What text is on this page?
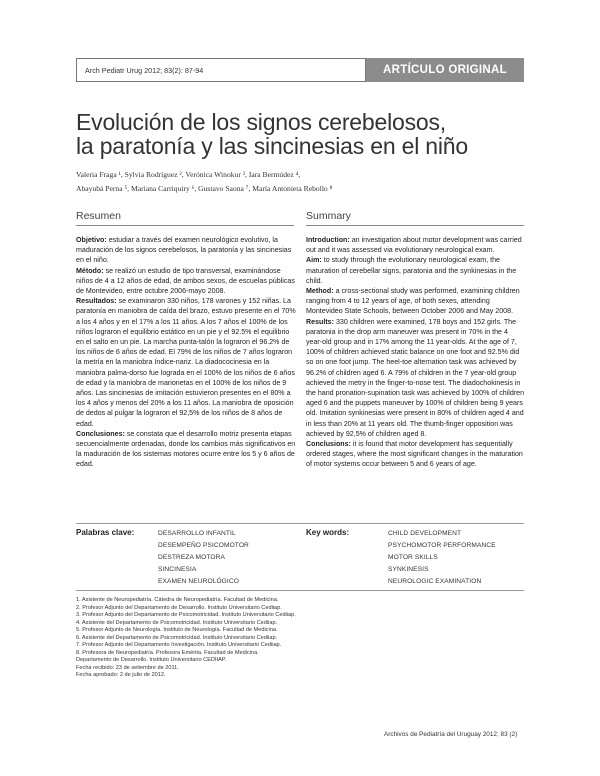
Arch Pediatr Urug 2012; 83(2): 87-94	ARTÍCULO ORIGINAL
Evolución de los signos cerebelosos,
la paratonía y las sincinesias en el niño
Valeria Fraga ¹, Sylvia Rodríguez ², Verónica Winokur ³, Iara Bermúdez ⁴,
Abayubá Perna ⁵, Mariana Carriquiry ⁶, Gustavo Saona ⁷, María Antonieta Rebollo ⁸
Resumen	Summary

Objetivo: estudiar a través del examen neurológico evolutivo, la maduración de los signos cerebelosos, la paratonía y las sincinesias en el niño.

Método: se realizó un estudio de tipo transversal, examinándose niños de 4 a 12 años de edad, de ambos sexos, de escuelas públicas de Montevideo, entre octubre 2006-mayo 2008.

Resultados: se examinaron 330 niños, 178 varones y 152 niñas. La paratonía en maniobra de caída del brazo, estuvo presente en el 70% a los 4 años y en el 17% a los 11 años. A los 7 años el 100% de los niños lograron el equilibrio estático en un pie y el 92.5% el equilibrio en el salto en un pie. La marcha punta-talón la lograron el 96.2% de los niños de 6 años de edad. El 79% de los niños de 7 años lograron la metría en la maniobra índice-nariz. La diadococinesia en la maniobra palma-dorso fue lograda en el 100% de los niños de 6 años de edad y la maniobra de marionetas en el 100% de los niños de 9 años. Las sincinesias de imitación estuvieron presentes en el 80% a los 4 años y menos del 20% a los 11 años. La maniobra de oposición de dedos al pulgar la lograron el 92,5% de los niños de 8 años de edad.

Conclusiones: se constata que el desarrollo motriz presenta etapas secuencialmente ordenadas, donde los cambios más significativos en la maduración de los sistemas motores ocurre entre los 5 y 6 años de edad.

Introduction: an investigation about motor development was carried out and it was assessed via evolutionary neurological exam.

Aim: to study through the evolutionary neurological exam, the maturation of cerebellar signs, paratonia and the synkinesias in the child.

Method: a cross-sectional study was performed, examining children ranging from 4 to 12 years of age, of both sexes, attending Montevideo State Schools, between October 2006 and May 2008.

Results: 330 children were examined, 178 boys and 152 girls. The paratonia in the drop arm maneuver was present in 70% in the 4 year-old group and in 17% among the 11 year-olds. At the age of 7, 100% of children achieved static balance on one foot and 92.5% did so on one foot jump. The heel-toe alternation task was achieved by 96.2% of children aged 6. A 79% of children in the 7 year-old group achieved the metry in the finger-to-nose test. The diadochokinesis in the hand pronation-supination task was achieved by 100% of children aged 6 and the puppets maneuver by 100% of children being 9 years old. Imitation synkinesias were present in 80% of children aged 4 and in less than 20% at 11 years old. The thumb-finger opposition was achieved by 92,5% of children aged 8.

Conclusions: it is found that motor development has sequentially ordered stages, where the most significant changes in the maturation of motor systems occur between 5 and 6 years of age.

Palabras clave:	DESARROLLO INFANTIL
DESEMPEÑO PSICOMOTOR
DESTREZA MOTORA
SINCINESIA
EXAMEN NEUROLÓGICO
Key words:	CHILD DEVELOPMENT
PSYCHOMOTOR PERFORMANCE
MOTOR SKILLS
SYNKINESIS
NEUROLOGIC EXAMINATION
1. Asistente de Neuropediatría. Cátedra de Neuropediatría. Facultad de Medicina.
2. Profesor Adjunto del Departamento de Desarrollo. Instituto Universitario Cediiap.
3. Profesor Adjunto del Departamento de Psicomotricidad. Instituto Universitario Cediiap.
4. Asistente del Departamento de Psicomotricidad. Instituto Universitario Cediiap.
5. Profesor Adjunto de Neurología. Instituto de Neurología. Facultad de Medicina.
6. Asistente del Departamento de Psicomotricidad. Instituto Universitario Cediiap.
7. Profesor Adjunto del Departamento Investigación. Instituto Universitario Cediiap.
8. Profesora de Neuropediatría. Profesora Emérita. Facultad de Medicina.
Departamento de Desarrollo. Instituto Universitario CEDIIAP.
Fecha recibido: 23 de setiembre de 2011.
Fecha aprobado: 2 de julio de 2012.
Archivos de Pediatría del Uruguay 2012; 83 (2)
